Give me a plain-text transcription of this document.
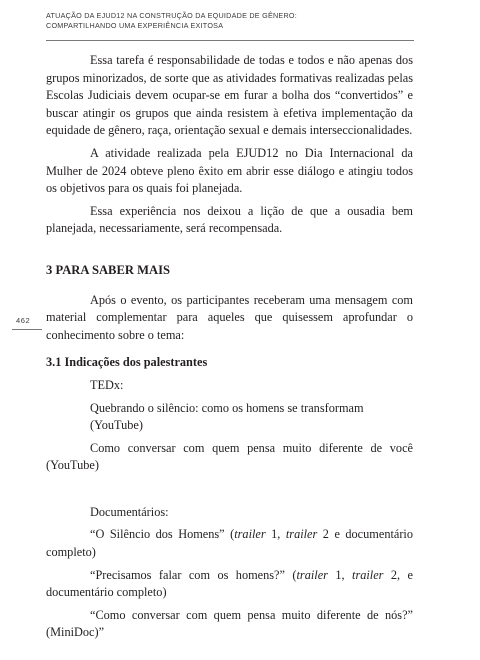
ATUAÇÃO DA EJUD12 NA CONSTRUÇÃO DA EQUIDADE DE GÊNERO:
COMPARTILHANDO UMA EXPERIÊNCIA EXITOSA
462

Essa tarefa é responsabilidade de todas e todos e não apenas dos grupos minorizados, de sorte que as atividades formativas realizadas pelas Escolas Judiciais devem ocupar-se em furar a bolha dos “convertidos” e buscar atingir os grupos que ainda resistem à efetiva implementação da equidade de gênero, raça, orientação sexual e demais interseccionalidades.

A atividade realizada pela EJUD12 no Dia Internacional da Mulher de 2024 obteve pleno êxito em abrir esse diálogo e atingiu todos os objetivos para os quais foi planejada.

Essa experiência nos deixou a lição de que a ousadia bem planejada, necessariamente, será recompensada.

3 PARA SABER MAIS

Após o evento, os participantes receberam uma mensagem com material complementar para aqueles que quisessem aprofundar o conhecimento sobre o tema:

3.1 Indicações dos palestrantes

TEDx:

Quebrando o silêncio: como os homens se transformam (YouTube)

Como conversar com quem pensa muito diferente de você (YouTube)

Documentários:

“O Silêncio dos Homens” (trailer 1, trailer 2 e documentário completo)

“Precisamos falar com os homens?” (trailer 1, trailer 2, e documentário completo)

“Como conversar com quem pensa muito diferente de nós?” (MiniDoc)”
